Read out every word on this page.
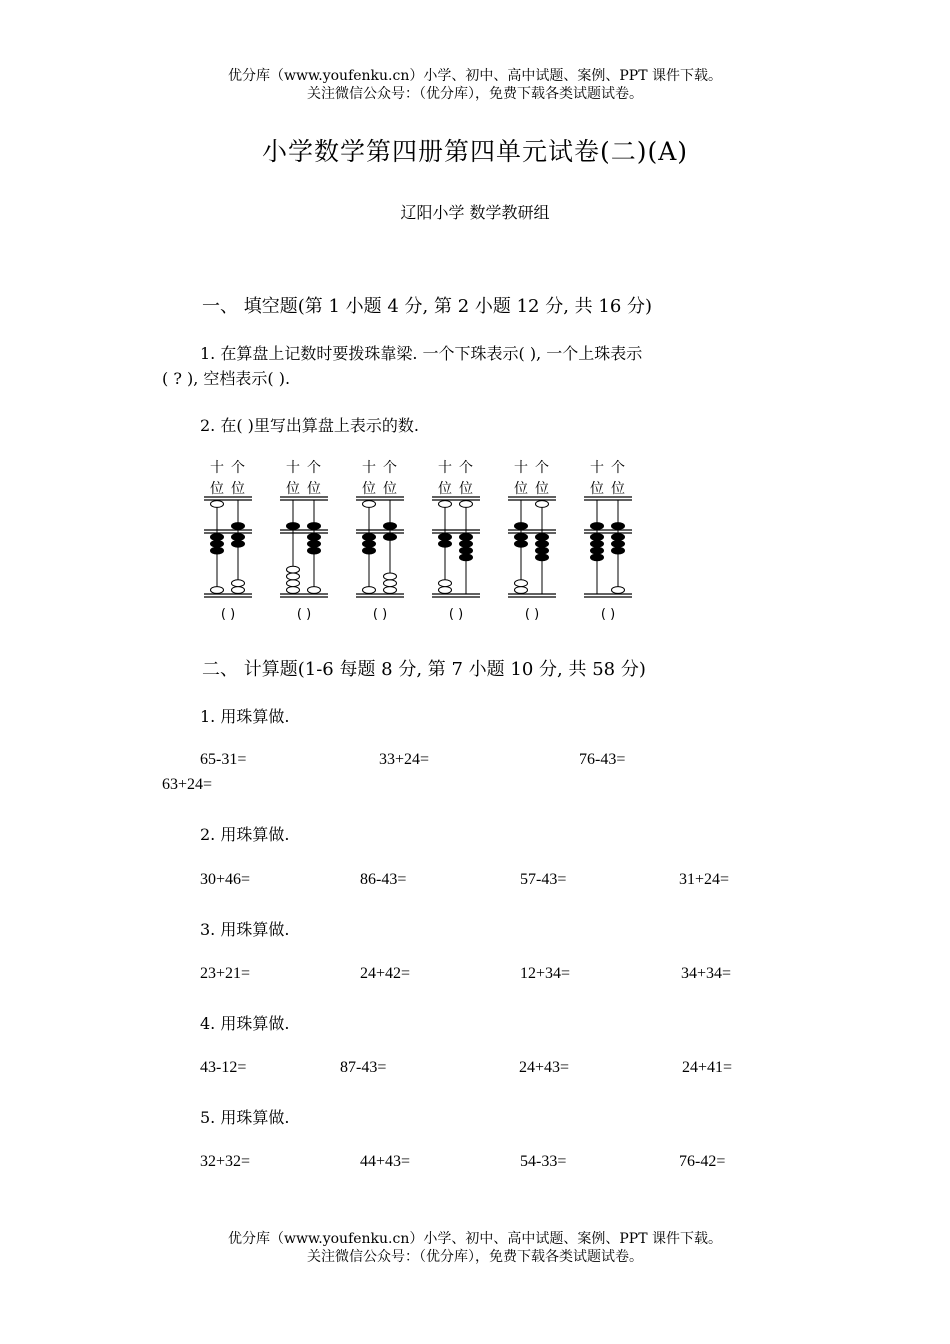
优分库（www.youfenku.cn）小学、初中、高中试题、案例、PPT 课件下载。
关注微信公众号：（优分库），免费下载各类试题试卷。
小学数学第四册第四单元试卷(二)(A)
辽阳小学 数学教研组
一、 填空题(第 1 小题 4 分, 第 2 小题 12 分, 共 16 分)
1. 在算盘上记数时要拨珠靠梁. 一个下珠表示( ), 一个上珠表示
( ? ), 空档表示( ).
2. 在( )里写出算盘上表示的数.
十
位
个
位
( )
十
位
个
位
( )
十
位
个
位
( )
十
位
个
位
( )
十
位
个
位
( )
十
位
个
位
( )
二、 计算题(1-6 每题 8 分, 第 7 小题 10 分, 共 58 分)
1. 用珠算做.
65-31=	33+24=	76-43=
63+24=
2. 用珠算做.
30+46=	86-43=	57-43=	31+24=
3. 用珠算做.
23+21=	24+42=	12+34=	34+34=
4. 用珠算做.
43-12=	87-43=	24+43=	24+41=
5. 用珠算做.
32+32=	44+43=	54-33=	76-42=
优分库（www.youfenku.cn）小学、初中、高中试题、案例、PPT 课件下载。
关注微信公众号：（优分库），免费下载各类试题试卷。
